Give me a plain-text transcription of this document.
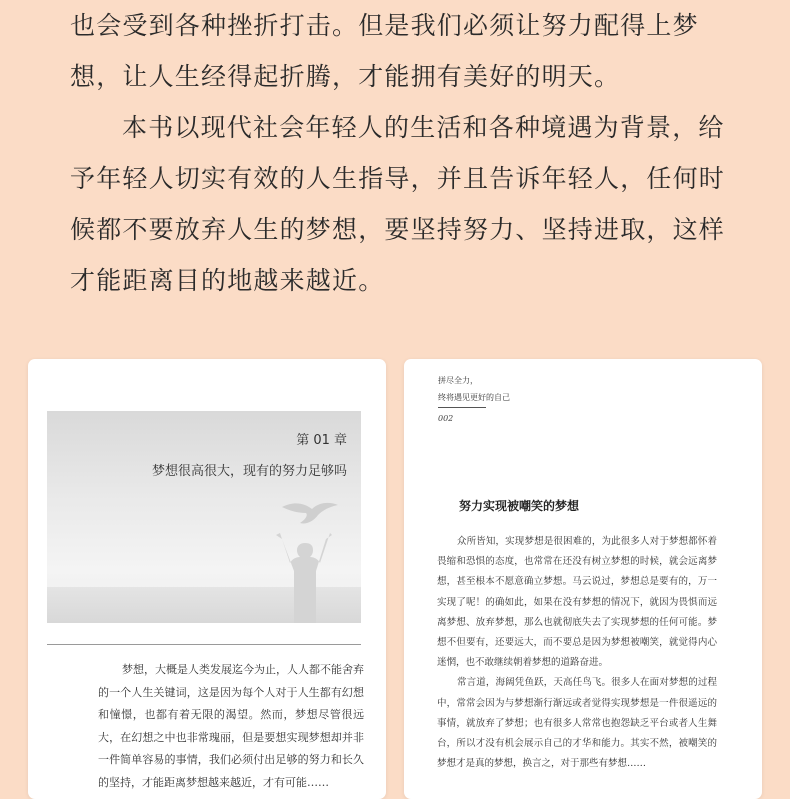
也会受到各种挫折打击。但是我们必须让努力配得上梦想，让人生经得起折腾，才能拥有美好的明天。

本书以现代社会年轻人的生活和各种境遇为背景，给予年轻人切实有效的人生指导，并且告诉年轻人，任何时候都不要放弃人生的梦想，要坚持努力、坚持进取，这样才能距离目的地越来越近。

第 01 章
梦想很高很大，现有的努力足够吗

梦想，大概是人类发展迄今为止，人人都不能舍弃的一个人生关键词，这是因为每个人对于人生都有幻想和憧憬，也都有着无限的渴望。然而，梦想尽管很远大，在幻想之中也非常瑰丽，但是要想实现梦想却并非一件简单容易的事情，我们必须付出足够的努力和长久的坚持，才能距离梦想越来越近，才有可能……

拼尽全力，
终将遇见更好的自己
002
努力实现被嘲笑的梦想

众所皆知，实现梦想是很困难的，为此很多人对于梦想都怀着畏缩和恐惧的态度，也常常在还没有树立梦想的时候，就会远离梦想，甚至根本不愿意确立梦想。马云说过，梦想总是要有的，万一实现了呢！的确如此，如果在没有梦想的情况下，就因为畏惧而远离梦想、放弃梦想，那么也就彻底失去了实现梦想的任何可能。梦想不但要有，还要远大，而不要总是因为梦想被嘲笑，就觉得内心迷惘，也不敢继续朝着梦想的道路奋进。

常言道，海阔凭鱼跃，天高任鸟飞。很多人在面对梦想的过程中，常常会因为与梦想渐行渐远或者觉得实现梦想是一件很遥远的事情，就放弃了梦想；也有很多人常常也抱怨缺乏平台或者人生舞台，所以才没有机会展示自己的才华和能力。其实不然，被嘲笑的梦想才是真的梦想，换言之，对于那些有梦想……
